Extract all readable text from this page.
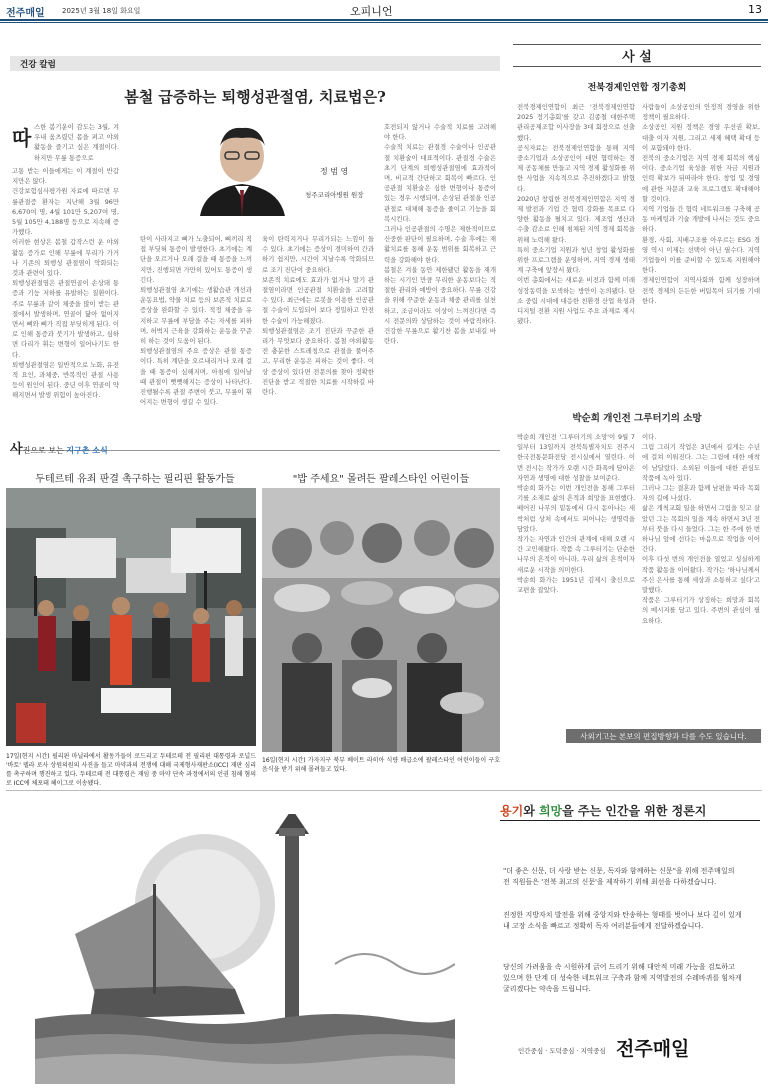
전주매일 2025년 3월 18일 화요일	오피니언	13
건강 칼럼
봄철 급증하는 퇴행성관절염, 치료법은?
정 범 영
청주코리아병원 원장
따 스한 봄기운이 감도는 3월, 겨우내 움츠렸던 몸을 펴고 야외활동을 즐기고 싶은 계절이다. 하지만 무릎 통증으로
고통 받는 이들에게는 이 계절이 반갑지만은 않다.
건강보험심사평가원 자료에 따르면 무릎관절증 환자는 지난해 3월 96만 6,670여 명, 4월 101만 5,207여 명, 5월 105만 4,188명 등으로 지속해 증가했다.
이러한 현상은 봄철 갑작스런 운 야외활동 증가로 인해 무릎에 무리가 가거나 기존의 퇴행성 관절염이 악화되는 것과 관련이 있다.
퇴행성관절염은 관절연골이 손상돼 통증과 기능 저하를 유발하는 질환이다. 주로 무릎과 같이 체중을 많이 받는 관절에서 발생하며, 연골이 닳아 없어지면서 뼈와 뼈가 직접 부딪히게 된다. 이로 인해 통증과 붓기가 발생하고, 심하면 다리가 휘는 변형이 일어나기도 한다.
퇴행성관절염은 일반적으로 노화, 유전적 요인, 과체중, 반복적인 관절 사용 등이 원인이 된다. 중년 이후 연골이 약해지면서 발생 위험이 높아진다.
탄이 사라지고 뼈가 노출되어, 뼈끼리 직접 부딪혀 통증이 발생한다. 초기에는 계단을 오르거나 오래 걸을 때 통증을 느끼지만, 진행되면 가만히 있어도 통증이 생긴다.
퇴행성관절염 초기에는 생활습관 개선과 운동요법, 약물 치료 등의 보존적 치료로 증상을 완화할 수 있다. 적정 체중을 유지하고 무릎에 부담을 주는 자세를 피하며, 허벅지 근육을 강화하는 운동을 꾸준히 하는 것이 도움이 된다.
퇴행성관절염의 주요 증상은 관절 통증이다. 특히 계단을 오르내리거나 오래 걸을 때 통증이 심해지며, 아침에 일어날 때 관절이 뻣뻣해지는 증상이 나타난다. 진행될수록 관절 주변이 붓고, 무릎이 휘어지는 변형이 생길 수 있다.
육이 탄력지거나 무리가되는 느낌이 들 수 있다. 초기에는 증상이 경미하여 간과하기 쉽지만, 시간이 지날수록 악화되므로 조기 진단이 중요하다.
보존적 치료에도 효과가 없거나 말기 관절염이라면 인공관절 치환술을 고려할 수 있다. 최근에는 로봇을 이용한 인공관절 수술이 도입되어 보다 정밀하고 안전한 수술이 가능해졌다.
퇴행성관절염은 조기 진단과 꾸준한 관리가 무엇보다 중요하다. 봄철 야외활동 전 충분한 스트레칭으로 관절을 풀어주고, 무리한 운동은 피하는 것이 좋다. 이상 증상이 있다면 전문의를 찾아 정확한 진단을 받고 적절한 치료를 시작하길 바란다.
호전되지 않거나 수술적 치료를 고려해야 한다.
수술적 치료는 관절경 수술이나 인공관절 치환술이 대표적이다. 관절경 수술은 초기 단계의 퇴행성관절염에 효과적이며, 비교적 간단하고 회복이 빠르다. 인공관절 치환술은 심한 변형이나 통증이 있는 경우 시행되며, 손상된 관절을 인공관절로 대체해 통증을 줄이고 기능을 회복시킨다.
그러나 인공관절의 수명은 제한적이므로 신중한 판단이 필요하며, 수술 후에는 재활치료를 통해 운동 범위를 회복하고 근력을 강화해야 한다.
봄철은 겨울 동안 제한됐던 활동을 재개하는 시기인 만큼 무리한 운동보다는 적절한 관리와 예방이 중요하다. 무릎 건강을 위해 꾸준한 운동과 체중 관리를 실천하고, 조금이라도 이상이 느껴진다면 즉시 전문의와 상담하는 것이 바람직하다. 건강한 무릎으로 활기찬 봄을 보내길 바란다.
사진으로 보는 지구촌 소식
두테르테 유죄 판결 촉구하는 필리핀 활동가들
17일(현지 시간) 필리핀 마닐라에서 활동가들이 로드리고 두테르테 전 필리핀 대통령과 로널드 '바토' 델라 로사 상원의원의 사진을 들고 마약과의 전쟁에 대해 국제형사재판소(ICC) 재판 심리를 촉구하며 행진하고 있다. 두테르테 전 대통령은 재임 중 마약 단속 과정에서의 인권 침해 혐의로 ICC에 체포돼 헤이그로 이송됐다.
"밥 주세요" 몰려든 팔레스타인 어린이들
16일(현지 시간) 가자지구 북부 베이트 라히아 식량 배급소에 팔레스타인 어린이들이 구호 음식을 받기 위해 몰려들고 있다.
사 설
전북경제인연합 정기총회
전북경제인연합이 최근 '전북경제인연합 2025 정기총회'를 갖고 김종철 대한주택관리공제조합 이사장을 3대 회장으로 선출했다.
공식자료는 전북경제인연합을 통해 지역 중소기업과 소상공인이 대면 협력하는 경제 공동체를 만들고 지역 경제 활성화를 위한 사업을 지속적으로 추진하겠다고 밝혔다.
2020년 창립한 전북경제인연합은 지역 경제 발전과 기업 간 협력 강화를 목표로 다양한 활동을 펼치고 있다. 제조업 생산과 수출 감소로 인해 침체된 지역 경제 회복을 위해 노력해 왔다.
특히 중소기업 지원과 청년 창업 활성화를 위한 프로그램을 운영하며, 지역 경제 생태계 구축에 앞장서 왔다.
이번 총회에서는 새로운 비전과 함께 미래 성장동력을 모색하는 방안이 논의됐다. 탄소 중립 시대에 대응한 친환경 산업 육성과 디지털 전환 지원 사업도 주요 과제로 제시됐다.
사람들이 소상공인의 안정적 경영을 위한 정책이 필요하다.
소상공인 지원 정책은 경영 우선권 확보, 대출 이자 지원, 그리고 세제 혜택 확대 등이 포함돼야 한다.
전북의 중소기업은 지역 경제 회복의 핵심이다. 중소기업 육성을 위한 자금 지원과 인력 확보가 뒤따라야 한다. 창업 및 경영에 관한 자문과 교육 프로그램도 확대해야 할 것이다.
지역 기업들 간 협력 네트워크를 구축해 공동 마케팅과 기술 개발에 나서는 것도 중요하다.
환경, 사회, 지배구조를 아우르는 ESG 경영 역시 이제는 선택이 아닌 필수다. 지역 기업들이 이를 준비할 수 있도록 지원해야 한다.
경제인연합이 지역사회와 함께 성장하며 전북 경제의 든든한 버팀목이 되기를 기대한다.
박순희 개인전 그루터기의 소망
박순희 개인전 '그루터기의 소망'이 9월 7일부터 13일까지 전북특별자치도 전주시 한국전통문화전당 전시실에서 열린다. 이번 전시는 작가가 오랜 시간 화폭에 담아온 자연과 생명에 대한 성찰을 보여준다.
박순희 화가는 이번 개인전을 통해 그루터기를 소재로 삶의 흔적과 희망을 표현했다. 베어진 나무의 밑동에서 다시 돋아나는 새싹처럼 상처 속에서도 피어나는 생명력을 담았다.
작가는 자연과 인간의 관계에 대해 오랜 시간 고민해왔다. 작품 속 그루터기는 단순한 나무의 흔적이 아니라, 우리 삶의 흔적이자 새로운 시작을 의미한다.
박순희 화가는 1951년 김제시 출신으로 교편을 잡았다.
이다.
그림 그리기 작업은 3년에서 길게는 수년에 걸쳐 이뤄진다. 그는 그림에 대한 애착이 남달랐다. 소외된 이들에 대한 관심도 작품에 녹아 있다.
그러나 그는 결혼과 함께 남편을 따라 목회자의 길에 나섰다.
삶은 개척교회 일을 하면서 그림을 잊고 살았던 그는 목회의 일을 계속 하면서 3년 전부터 붓을 다시 들었다. 그는 한 주에 한 번 하나님 앞에 선다는 마음으로 작업을 이어간다.
이후 다섯 번의 개인전을 열었고 성실하게 작품 활동을 이어왔다. 작가는 '하나님께서 주신 은사를 통해 세상과 소통하고 싶다'고 말했다.
작품은 그루터기가 상징하는 희망과 회복의 메시지를 담고 있다. 주변의 관심이 필요하다.
사외기고는 본보의 편집방향과 다를 수도 있습니다.
용기와 희망을 주는 인간을 위한 정론지
"더 좋은 신문, 더 사랑 받는 신문, 독자와 함께하는 신문"을 위해 전주매일의 전 직원들은 '전북 최고의 신문'을 제작하기 위해 최선을 다하겠습니다.
진정한 지방자치 발전을 위해 중앙지와 탄송하는 형태를 벗어나 보다 깊이 있게 내 고장 소식을 빠르고 정확히 독자 여러분들에게 전달하겠습니다.
당신의 가려움을 속 시원하게 긁어 드리기 위해 대안적 미래 가능을 검토하고 있으며 한 단계 더 성숙한 네트워크 구축과 함께 지역발전의 수레바퀴를 힘차게 굴리겠다는 약속을 드립니다.
인간중심 · 도덕중심 · 지역중심 전주매일
